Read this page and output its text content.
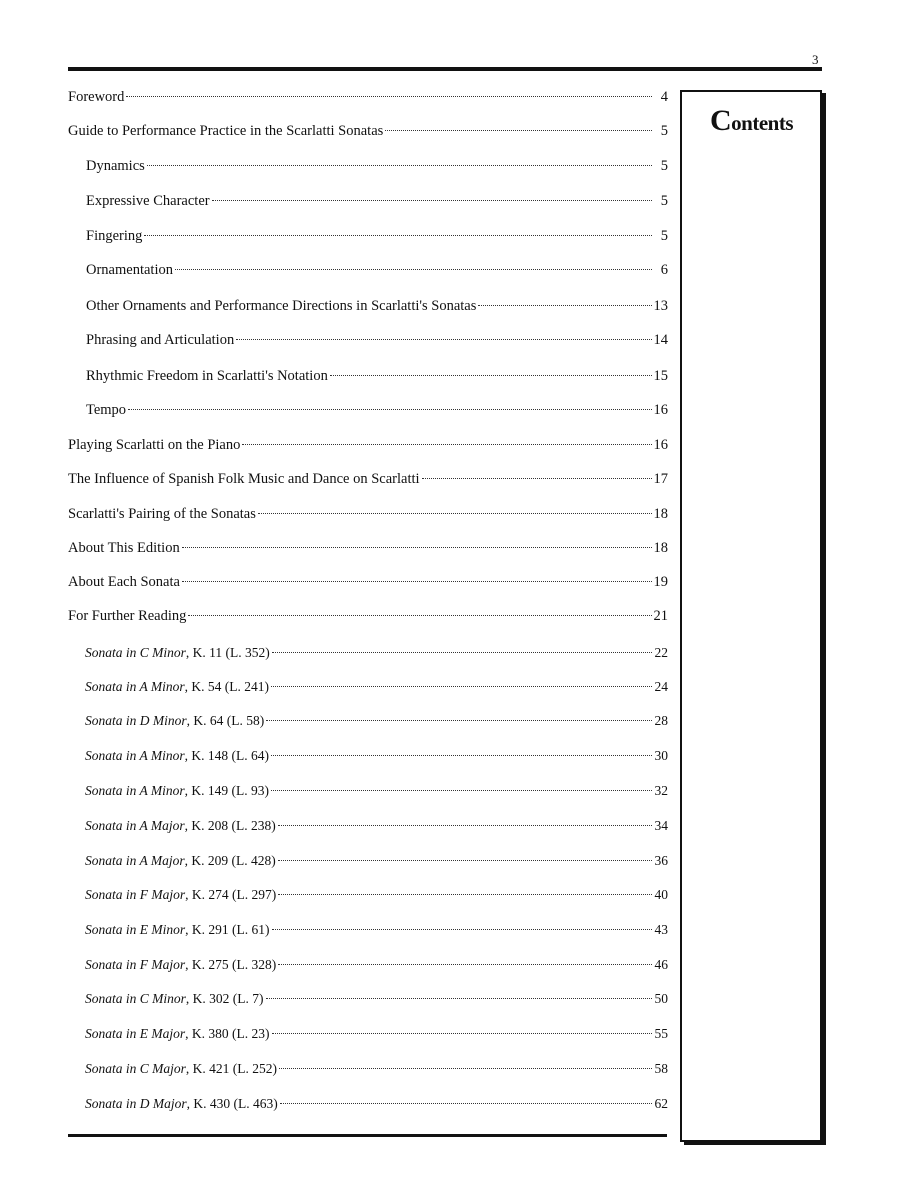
3
Contents
Foreword	4
Guide to Performance Practice in the Scarlatti Sonatas	5
Dynamics	5
Expressive Character	5
Fingering	5
Ornamentation	6
Other Ornaments and Performance Directions in Scarlatti's Sonatas	13
Phrasing and Articulation	14
Rhythmic Freedom in Scarlatti's Notation	15
Tempo	16
Playing Scarlatti on the Piano	16
The Influence of Spanish Folk Music and Dance on Scarlatti	17
Scarlatti's Pairing of the Sonatas	18
About This Edition	18
About Each Sonata	19
For Further Reading	21
Sonata in C Minor, K. 11 (L. 352)	22
Sonata in A Minor, K. 54 (L. 241)	24
Sonata in D Minor, K. 64 (L. 58)	28
Sonata in A Minor, K. 148 (L. 64)	30
Sonata in A Minor, K. 149 (L. 93)	32
Sonata in A Major, K. 208 (L. 238)	34
Sonata in A Major, K. 209 (L. 428)	36
Sonata in F Major, K. 274 (L. 297)	40
Sonata in E Minor, K. 291 (L. 61)	43
Sonata in F Major, K. 275 (L. 328)	46
Sonata in C Minor, K. 302 (L. 7)	50
Sonata in E Major, K. 380 (L. 23)	55
Sonata in C Major, K. 421 (L. 252)	58
Sonata in D Major, K. 430 (L. 463)	62
